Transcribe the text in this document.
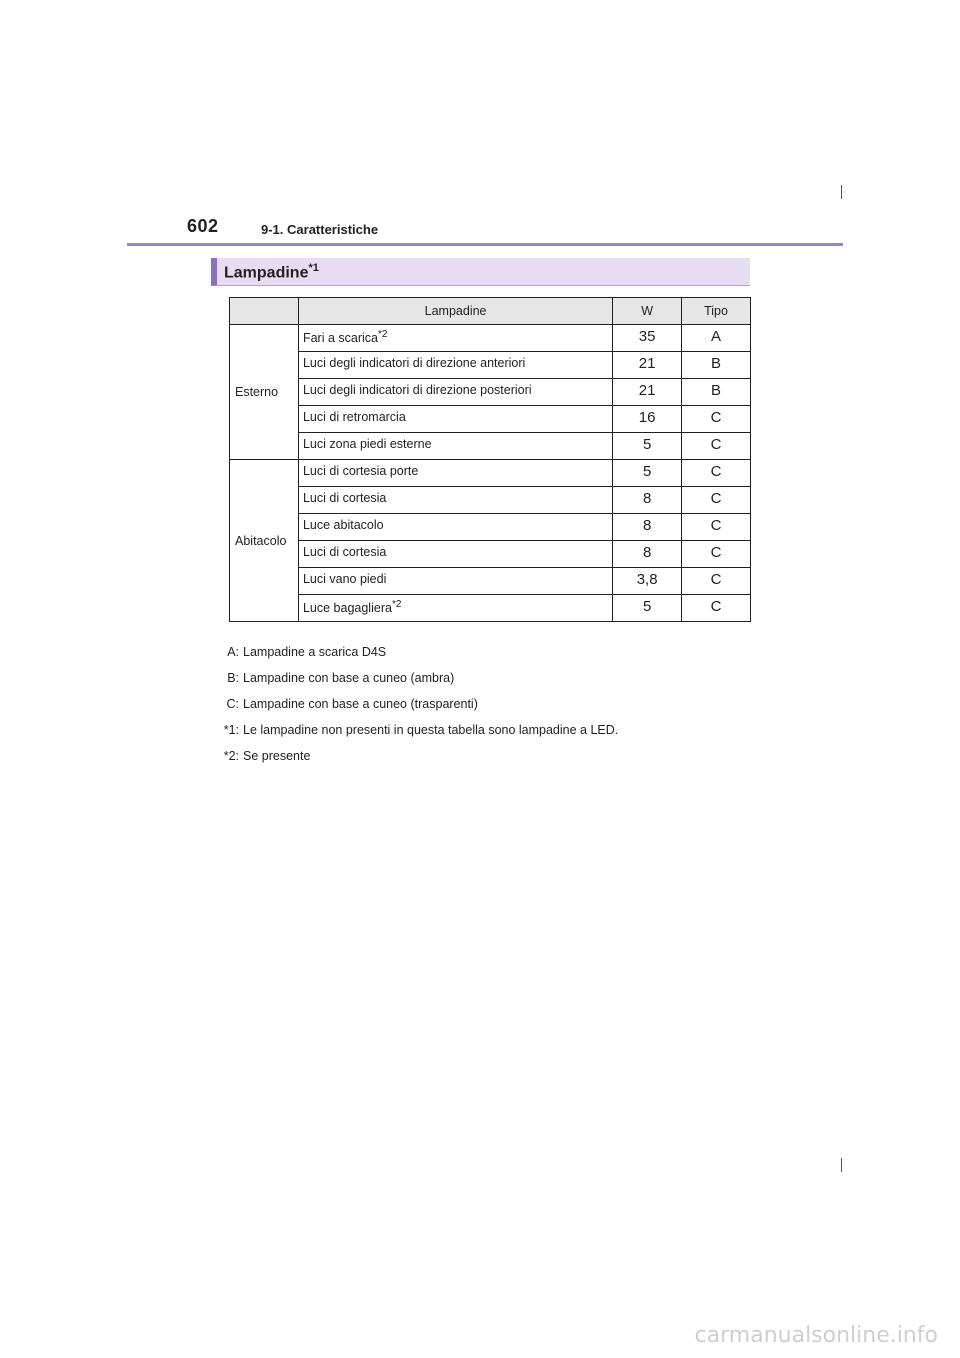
602	9-1. Caratteristiche
Lampadine$^{*1}$
	Lampadine	W	Tipo
Esterno	Fari a scarica$^{*2}$	35	A
	Luci degli indicatori di direzione anteriori	21	B
	Luci degli indicatori di direzione posteriori	21	B
	Luci di retromarcia	16	C
	Luci zona piedi esterne	5	C
Abitacolo	Luci di cortesia porte	5	C
	Luci di cortesia	8	C
	Luce abitacolo	8	C
	Luci di cortesia	8	C
	Luci vano piedi	3,8	C
	Luce bagagliera$^{*2}$	5	C
A: Lampadine a scarica D4S
B: Lampadine con base a cuneo (ambra)
C: Lampadine con base a cuneo (trasparenti)
*1: Le lampadine non presenti in questa tabella sono lampadine a LED.
*2: Se presente
carmanualsonline.info
